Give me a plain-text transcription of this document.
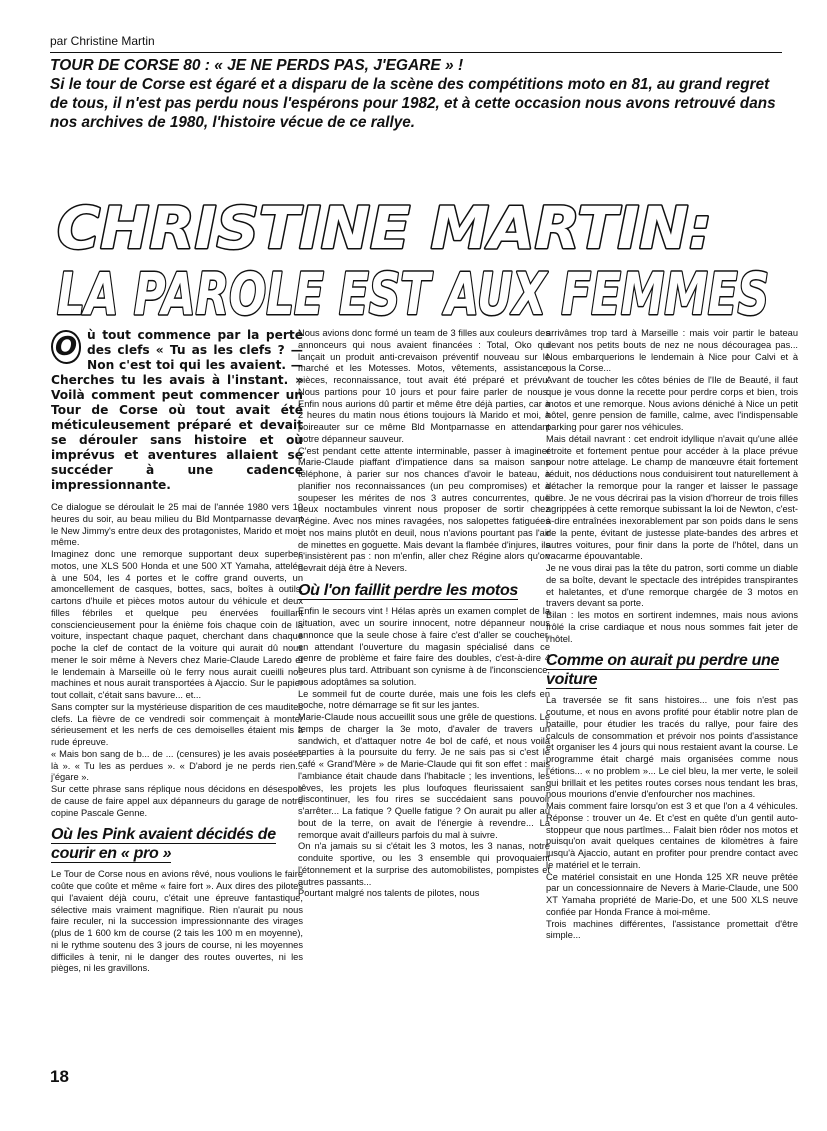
par Christine Martin
TOUR DE CORSE 80 : « JE NE PERDS PAS, J'EGARE » !
Si le tour de Corse est égaré et a disparu de la scène des compétitions moto en 81, au grand regret de tous, il n'est pas perdu nous l'espérons pour 1982, et à cette occasion nous avons retrouvé dans nos archives de 1980, l'histoire vécue de ce rallye.
CHRISTINE MARTIN:
LA PAROLE EST AUX FEMMES
O ù tout commence par la perte des clefs « Tu as les clefs ? — Non c'est toi qui les avaient. — Cherches tu les avais à l'instant. » Voilà comment peut commencer un Tour de Corse où tout avait été méticuleusement préparé et devait se dérouler sans histoire et où imprévus et aventures allaient se succéder à une cadence impressionnante.

Ce dialogue se déroulait le 25 mai de l'année 1980 vers 10 heures du soir, au beau milieu du Bld Montparnasse devant le New Jimmy's entre deux des protagonistes, Marido et moi-même.

Imaginez donc une remorque supportant deux superbes motos, une XLS 500 Honda et une 500 XT Yamaha, attelée à une 504, les 4 portes et le coffre grand ouverts, un amoncellement de casques, bottes, sacs, boîtes à outils, cartons d'huile et pièces motos autour du véhicule et deux filles fébriles et quelque peu énervées fouillant consciencieusement pour la énième fois chaque coin de la voiture, inspectant chaque paquet, cherchant dans chaque poche la clef de contact de la voiture qui aurait dû nous mener le soir même à Nevers chez Marie-Claude Laredo et le lendemain à Marseille où le ferry nous aurait cueilli nos machines et nous aurait transportées à Ajaccio. Sur le papier tout collait, c'était sans bavure... et...

Sans compter sur la mystérieuse disparition de ces maudites clefs. La fièvre de ce vendredi soir commençait à monter sérieusement et les nerfs de ces demoiselles étaient mis à rude épreuve.

« Mais bon sang de b... de ... (censures) je les avais posées là ». « Tu les as perdues ». « D'abord je ne perds rien... j'égare ».

Sur cette phrase sans réplique nous décidons en désespoir de cause de faire appel aux dépanneurs du garage de notre copine Pascale Genne.

Où les Pink avaient décidés de courir en « pro »

Le Tour de Corse nous en avions rêvé, nous voulions le faire coûte que coûte et même « faire fort ». Aux dires des pilotes qui l'avaient déjà couru, c'était une épreuve fantastique, sélective mais vraiment magnifique. Rien n'aurait pu nous faire reculer, ni la succession impressionnante des virages (plus de 1 600 km de course (2 tais les 100 m en moyenne), ni le rythme soutenu des 3 jours de course, ni les moyennes difficiles à tenir, ni le danger des routes ouvertes, ni les pièges, ni les gravillons.

Nous avions donc formé un team de 3 filles aux couleurs des annonceurs qui nous avaient financées : Total, Oko qui lançait un produit anti-crevaison préventif nouveau sur le marché et les Motesses. Motos, vêtements, assistance, pièces, reconnaissance, tout avait été préparé et prévu. Nous partions pour 10 jours et pour faire parler de nous. Enfin nous aurions dû partir et même être déjà parties, car à 2 heures du matin nous étions toujours là Marido et moi, à poireauter sur ce même Bld Montparnasse en attendant notre dépanneur sauveur.

C'est pendant cette attente interminable, passer à imaginer Marie-Claude piaffant d'impatience dans sa maison sans téléphone, à parier sur nos chances d'avoir le bateau, à planifier nos reconnaissances (un peu compromises) et à soupeser les mérites de nos 3 autres concurrentes, que deux noctambules vinrent nous proposer de sortir chez Régine. Avec nos mines ravagées, nos salopettes fatiguées et nos mains plutôt en deuil, nous n'avions pourtant pas l'air de minettes en goguette. Mais devant la flambée d'injures, ils n'insistèrent pas : non m'enfin, aller chez Régine alors qu'on devrait déjà être à Nevers.

Où l'on faillit perdre les motos

Enfin le secours vint ! Hélas après un examen complet de la situation, avec un sourire innocent, notre dépanneur nous annonce que la seule chose à faire c'est d'aller se coucher, en attendant l'ouverture du magasin spécialisé dans ce genre de problème et faire faire des doubles, c'est-à-dire 4 heures plus tard. Attribuant son cynisme à de l'inconscience, nous adoptâmes sa solution.

Le sommeil fut de courte durée, mais une fois les clefs en poche, notre démarrage se fit sur les jantes.

Marie-Claude nous accueillit sous une grêle de questions. Le temps de charger la 3e moto, d'avaler de travers un sandwich, et d'attaquer notre 4e bol de café, et nous voilà reparties à la poursuite du ferry. Je ne sais pas si c'est le café « Grand'Mère » de Marie-Claude qui fit son effet : mais l'ambiance était chaude dans l'habitacle ; les inventions, les rêves, les projets les plus loufoques fleurissaient sans discontinuer, les fou rires se succédaient sans pouvoir s'arrêter... La fatique ? Quelle fatigue ? On aurait pu aller au bout de la terre, on avait de l'énergie à revendre... La remorque avait d'ailleurs parfois du mal à suivre.

On n'a jamais su si c'était les 3 motos, les 3 nanas, notre conduite sportive, ou les 3 ensemble qui provoquaient l'étonnement et la surprise des automobilistes, pompistes et autres passants...

Pourtant malgré nos talents de pilotes, nous

arrivâmes trop tard à Marseille : mais voir partir le bateau devant nos petits bouts de nez ne nous découragea pas... Nous embarquerions le lendemain à Nice pour Calvi et à nous la Corse...

Avant de toucher les côtes bénies de l'Ile de Beauté, il faut que je vous donne la recette pour perdre corps et bien, trois motos et une remorque. Nous avions déniché à Nice un petit hôtel, genre pension de famille, calme, avec l'indispensable parking pour garer nos véhicules.

Mais détail navrant : cet endroit idyllique n'avait qu'une allée étroite et fortement pentue pour accéder à la place prévue pour notre attelage. Le champ de manœuvre était fortement réduit, nos déductions nous conduisirent tout naturellement à détacher la remorque pour la ranger et laisser le passage libre. Je ne vous décrirai pas la vision d'horreur de trois filles agrippées à cette remorque subissant la loi de Newton, c'est-à-dire entraînées inexorablement par son poids dans le sens de la pente, évitant de justesse plate-bandes des arbres et autres voitures, pour finir dans la porte de l'hôtel, dans un vacarme épouvantable.

Je ne vous dirai pas la tête du patron, sorti comme un diable de sa boîte, devant le spectacle des intrépides transpirantes et haletantes, et d'une remorque chargée de 3 motos en travers devant sa porte.

Bilan : les motos en sortirent indemnes, mais nous avions frôlé la crise cardiaque et nous nous sommes fait jeter de l'hôtel.

Comme on aurait pu perdre une voiture

La traversée se fit sans histoires... une fois n'est pas coutume, et nous en avons profité pour établir notre plan de bataille, pour étudier les tracés du rallye, pour faire des calculs de consommation et prévoir nos points d'assistance et organiser les 4 jours qui nous restaient avant la course. Le programme était chargé mais organisées comme nous l'étions... « no problem »... Le ciel bleu, la mer verte, le soleil qui brillait et les petites routes corses nous tendant les bras, nous mourions d'envie d'enfourcher nos machines.

Mais comment faire lorsqu'on est 3 et que l'on a 4 véhicules. Réponse : trouver un 4e. Et c'est en quête d'un gentil auto-stoppeur que nous partîmes... Falait bien rôder nos motos et puisqu'on avait quelques centaines de kilomètres à faire jusqu'à Ajaccio, autant en profiter pour prendre contact avec le matériel et le terrain.

Ce matériel consistait en une Honda 125 XR neuve prêtée par un concessionnaire de Nevers à Marie-Claude, une 500 XT Yamaha propriété de Marie-Do, et une 500 XLS neuve confiée par Honda France à moi-même.

Trois machines différentes, l'assistance promettait d'être simple...

18
